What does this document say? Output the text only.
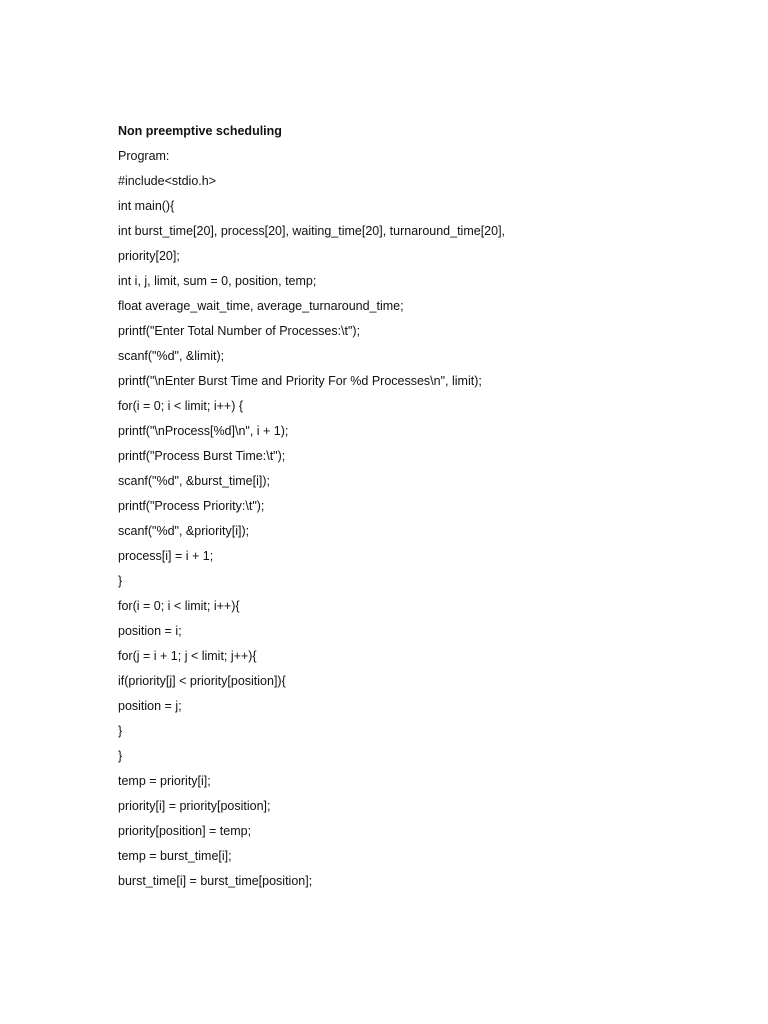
Non preemptive scheduling
Program:
#include<stdio.h>
int main(){
int burst_time[20], process[20], waiting_time[20], turnaround_time[20],
priority[20];
int i, j, limit, sum = 0, position, temp;
float average_wait_time, average_turnaround_time;
printf("Enter Total Number of Processes:\t");
scanf("%d", &limit);
printf("\nEnter Burst Time and Priority For %d Processes\n", limit);
for(i = 0; i < limit; i++) {
printf("\nProcess[%d]\n", i + 1);
printf("Process Burst Time:\t");
scanf("%d", &burst_time[i]);
printf("Process Priority:\t");
scanf("%d", &priority[i]);
process[i] = i + 1;
}
for(i = 0; i < limit; i++){
position = i;
for(j = i + 1; j < limit; j++){
if(priority[j] < priority[position]){
position = j;
}
}
temp = priority[i];
priority[i] = priority[position];
priority[position] = temp;
temp = burst_time[i];
burst_time[i] = burst_time[position];
